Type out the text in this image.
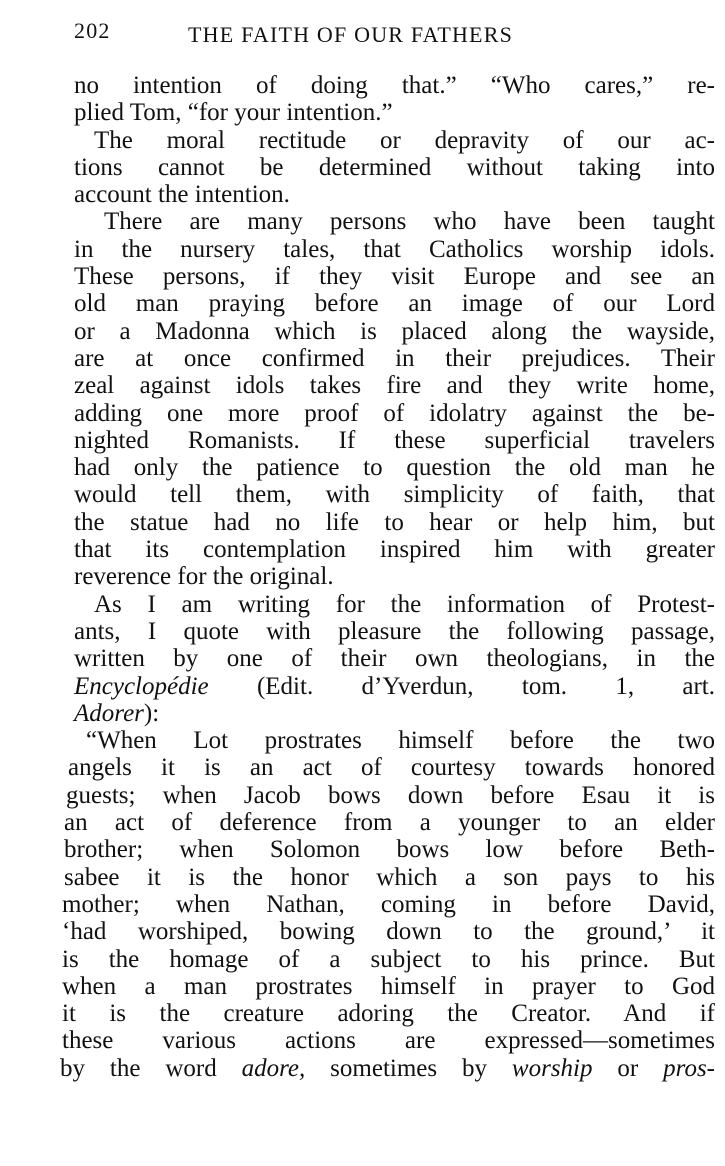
202	THE FAITH OF OUR FATHERS
no intention of doing that.” “Who cares,” re-
plied Tom, “for your intention.”
The moral rectitude or depravity of our ac-
tions cannot be determined without taking into
account the intention.
There are many persons who have been taught
in the nursery tales, that Catholics worship idols.
These persons, if they visit Europe and see an
old man praying before an image of our Lord
or a Madonna which is placed along the wayside,
are at once confirmed in their prejudices. Their
zeal against idols takes fire and they write home,
adding one more proof of idolatry against the be-
nighted Romanists. If these superficial travelers
had only the patience to question the old man he
would tell them, with simplicity of faith, that
the statue had no life to hear or help him, but
that its contemplation inspired him with greater
reverence for the original.
As I am writing for the information of Protest-
ants, I quote with pleasure the following passage,
written by one of their own theologians, in the
Encyclopédie (Edit. d’Yverdun, tom. 1, art.
Adorer):
“When Lot prostrates himself before the two
angels it is an act of courtesy towards honored
guests; when Jacob bows down before Esau it is
an act of deference from a younger to an elder
brother; when Solomon bows low before Beth-
sabee it is the honor which a son pays to his
mother; when Nathan, coming in before David,
‘had worshiped, bowing down to the ground,’ it
is the homage of a subject to his prince. But
when a man prostrates himself in prayer to God
it is the creature adoring the Creator. And if
these various actions are expressed—sometimes
by the word adore, sometimes by worship or pros-
